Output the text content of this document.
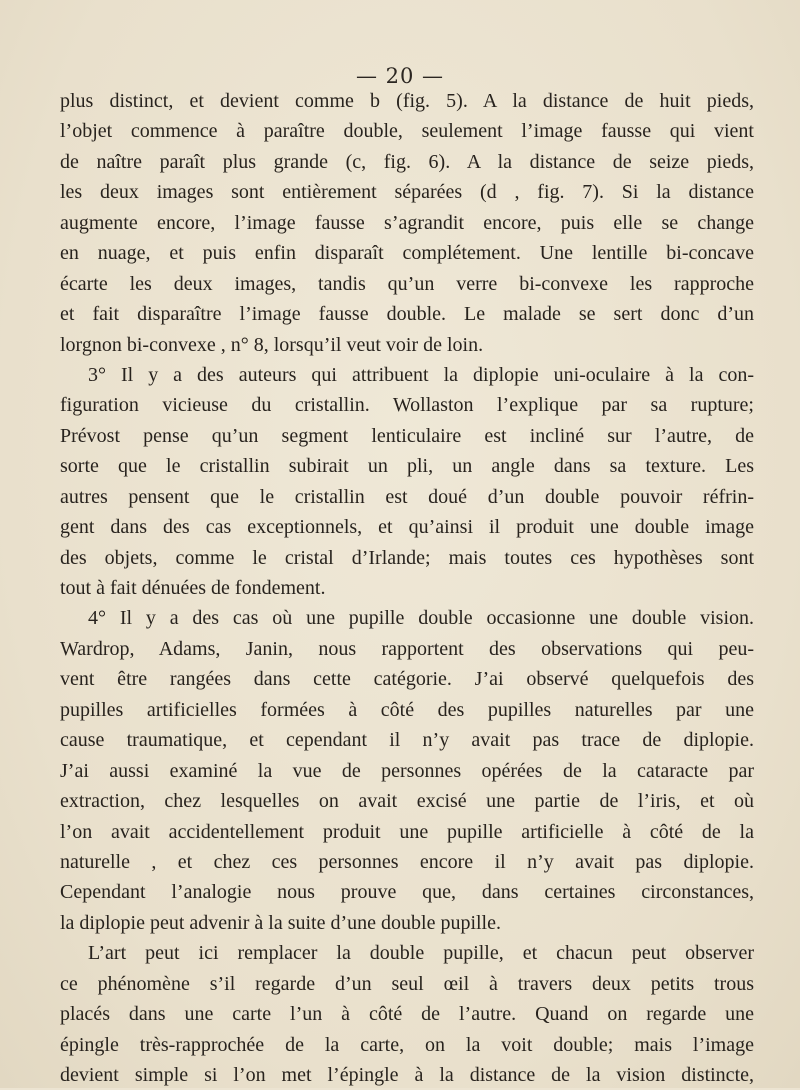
— 20 —
plus distinct, et devient comme b (fig. 5). A la distance de huit pieds,
l’objet commence à paraître double, seulement l’image fausse qui vient
de naître paraît plus grande (c, fig. 6). A la distance de seize pieds,
les deux images sont entièrement séparées (d , fig. 7). Si la distance
augmente encore, l’image fausse s’agrandit encore, puis elle se change
en nuage, et puis enfin disparaît complétement. Une lentille bi-concave
écarte les deux images, tandis qu’un verre bi-convexe les rapproche
et fait disparaître l’image fausse double. Le malade se sert donc d’un
lorgnon bi-convexe , n° 8, lorsqu’il veut voir de loin.
3° Il y a des auteurs qui attribuent la diplopie uni-oculaire à la con-
figuration vicieuse du cristallin. Wollaston l’explique par sa rupture;
Prévost pense qu’un segment lenticulaire est incliné sur l’autre, de
sorte que le cristallin subirait un pli, un angle dans sa texture. Les
autres pensent que le cristallin est doué d’un double pouvoir réfrin-
gent dans des cas exceptionnels, et qu’ainsi il produit une double image
des objets, comme le cristal d’Irlande; mais toutes ces hypothèses sont
tout à fait dénuées de fondement.
4° Il y a des cas où une pupille double occasionne une double vision.
Wardrop, Adams, Janin, nous rapportent des observations qui peu-
vent être rangées dans cette catégorie. J’ai observé quelquefois des
pupilles artificielles formées à côté des pupilles naturelles par une
cause traumatique, et cependant il n’y avait pas trace de diplopie.
J’ai aussi examiné la vue de personnes opérées de la cataracte par
extraction, chez lesquelles on avait excisé une partie de l’iris, et où
l’on avait accidentellement produit une pupille artificielle à côté de la
naturelle , et chez ces personnes encore il n’y avait pas diplopie.
Cependant l’analogie nous prouve que, dans certaines circonstances,
la diplopie peut advenir à la suite d’une double pupille.
L’art peut ici remplacer la double pupille, et chacun peut observer
ce phénomène s’il regarde d’un seul œil à travers deux petits trous
placés dans une carte l’un à côté de l’autre. Quand on regarde une
épingle très-rapprochée de la carte, on la voit double; mais l’image
devient simple si l’on met l’épingle à la distance de la vision distincte,
